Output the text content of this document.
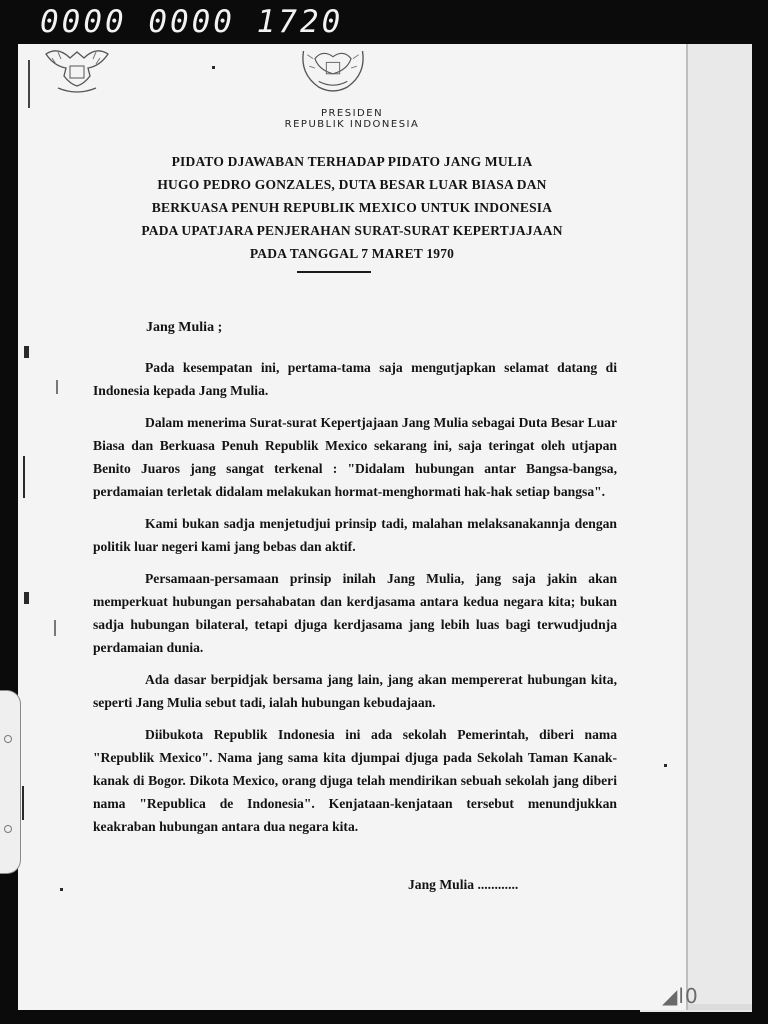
0000 0000 1720
PRESIDEN
REPUBLIK INDONESIA
PIDATO DJAWABAN TERHADAP PIDATO JANG MULIA
HUGO PEDRO GONZALES, DUTA BESAR LUAR BIASA DAN
BERKUASA PENUH REPUBLIK MEXICO UNTUK INDONESIA
PADA UPATJARA PENJERAHAN SURAT-SURAT KEPERTJAJAAN
PADA TANGGAL 7 MARET 1970
Jang Mulia ;

Pada kesempatan ini, pertama-tama saja mengutjapkan selamat datang di Indonesia kepada Jang Mulia.

Dalam menerima Surat-surat Kepertjajaan Jang Mulia sebagai Duta Besar Luar Biasa dan Berkuasa Penuh Republik Mexico sekarang ini, saja teringat oleh utjapan Benito Juaros jang sangat terkenal : "Didalam hubungan antar Bangsa-bangsa, perdamaian terletak didalam melakukan hormat-menghormati hak-hak setiap bangsa".

Kami bukan sadja menjetudjui prinsip tadi, malahan melaksanakannja dengan politik luar negeri kami jang bebas dan aktif.

Persamaan-persamaan prinsip inilah Jang Mulia, jang saja jakin akan memperkuat hubungan persahabatan dan kerdjasama antara kedua negara kita; bukan sadja hubungan bilateral, tetapi djuga kerdjasama jang lebih luas bagi terwudjudnja perdamaian dunia.

Ada dasar berpidjak bersama jang lain, jang akan mempererat hubungan kita, seperti Jang Mulia sebut tadi, ialah hubungan kebudajaan.

Diibukota Republik Indonesia ini ada sekolah Pemerintah, diberi nama "Republik Mexico". Nama jang sama kita djumpai djuga pada Sekolah Taman Kanak-kanak di Bogor. Dikota Mexico, orang djuga telah mendirikan sebuah sekolah jang diberi nama "Republica de Indonesia". Kenjataan-kenjataan tersebut menundjukkan keakraban hubungan antara dua negara kita.

Jang Mulia ............
◢l0
